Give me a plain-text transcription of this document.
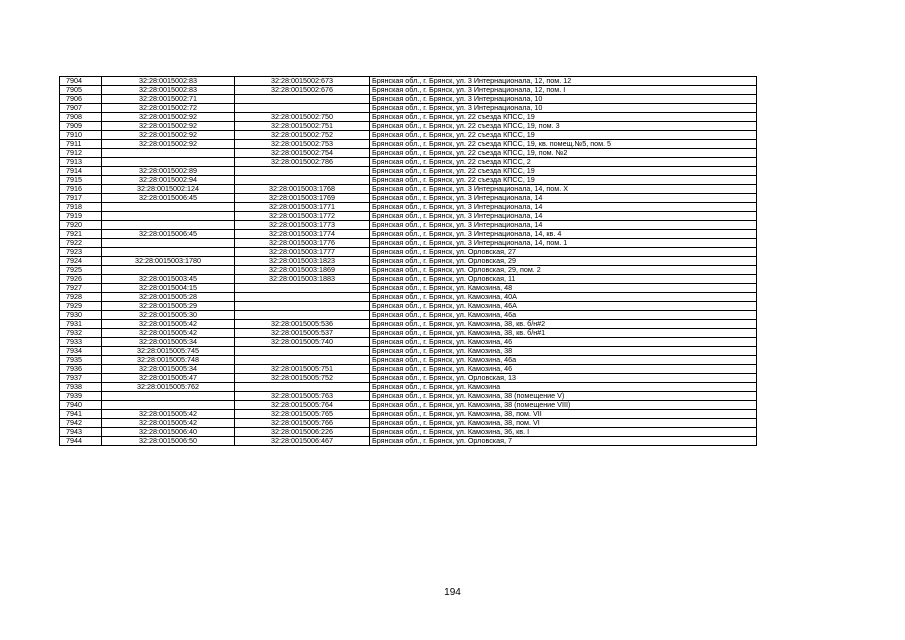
7904	32:28:0015002:83	32:28:0015002:673	Брянская обл., г. Брянск, ул. 3 Интернационала, 12, пом. 12
7905	32:28:0015002:83	32:28:0015002:676	Брянская обл., г. Брянск, ул. 3 Интернационала, 12, пом. I
7906	32:28:0015002:71		Брянская обл., г. Брянск, ул. 3 Интернационала, 10
7907	32:28:0015002:72		Брянская обл., г. Брянск, ул. 3 Интернационала, 10
7908	32:28:0015002:92	32:28:0015002:750	Брянская обл., г. Брянск, ул. 22 съезда КПСС, 19
7909	32:28:0015002:92	32:28:0015002:751	Брянская обл., г. Брянск, ул. 22 съезда КПСС, 19, пом. 3
7910	32:28:0015002:92	32:28:0015002:752	Брянская обл., г. Брянск, ул. 22 съезда КПСС, 19
7911	32:28:0015002:92	32:28:0015002:753	Брянская обл., г. Брянск, ул. 22 съезда КПСС, 19, кв. помещ.№5, пом. 5
7912		32:28:0015002:754	Брянская обл., г. Брянск, ул. 22 съезда КПСС, 19, пом. №2
7913		32:28:0015002:786	Брянская обл., г. Брянск, ул. 22 съезда КПСС, 2
7914	32:28:0015002:89		Брянская обл., г. Брянск, ул. 22 съезда КПСС, 19
7915	32:28:0015002:94		Брянская обл., г. Брянск, ул. 22 съезда КПСС, 19
7916	32:28:0015002:124	32:28:0015003:1768	Брянская обл., г. Брянск, ул. 3 Интернационала, 14, пом. X
7917	32:28:0015006:45	32:28:0015003:1769	Брянская обл., г. Брянск, ул. 3 Интернационала, 14
7918		32:28:0015003:1771	Брянская обл., г. Брянск, ул. 3 Интернационала, 14
7919		32:28:0015003:1772	Брянская обл., г. Брянск, ул. 3 Интернационала, 14
7920		32:28:0015003:1773	Брянская обл., г. Брянск, ул. 3 Интернационала, 14
7921	32:28:0015006:45	32:28:0015003:1774	Брянская обл., г. Брянск, ул. 3 Интернационала, 14, кв. 4
7922		32:28:0015003:1776	Брянская обл., г. Брянск, ул. 3 Интернационала, 14, пом. 1
7923		32:28:0015003:1777	Брянская обл., г. Брянск, ул. Орловская, 27
7924	32:28:0015003:1780	32:28:0015003:1823	Брянская обл., г. Брянск, ул. Орловская, 29
7925		32:28:0015003:1869	Брянская обл., г. Брянск, ул. Орловская, 29, пом. 2
7926	32:28:0015003:45	32:28:0015003:1883	Брянская обл., г. Брянск, ул. Орловская, 11
7927	32:28:0015004:15		Брянская обл., г. Брянск, ул. Камозина, 48
7928	32:28:0015005:28		Брянская обл., г. Брянск, ул. Камозина, 40А
7929	32:28:0015005:29		Брянская обл., г. Брянск, ул. Камозина, 46А
7930	32:28:0015005:30		Брянская обл., г. Брянск, ул. Камозина, 46а
7931	32:28:0015005:42	32:28:0015005:536	Брянская обл., г. Брянск, ул. Камозина, 38, кв. б/н#2
7932	32:28:0015005:42	32:28:0015005:537	Брянская обл., г. Брянск, ул. Камозина, 38, кв. б/н#1
7933	32:28:0015005:34	32:28:0015005:740	Брянская обл., г. Брянск, ул. Камозина, 46
7934	32:28:0015005:745		Брянская обл., г. Брянск, ул. Камозина, 38
7935	32:28:0015005:748		Брянская обл., г. Брянск, ул. Камозина, 46а
7936	32:28:0015005:34	32:28:0015005:751	Брянская обл., г. Брянск, ул. Камозина, 46
7937	32:28:0015005:47	32:28:0015005:752	Брянская обл., г. Брянск, ул. Орловская, 13
7938	32:28:0015005:762		Брянская обл., г. Брянск, ул. Камозина
7939		32:28:0015005:763	Брянская обл., г. Брянск, ул. Камозина, 38 (помещение V)
7940		32:28:0015005:764	Брянская обл., г. Брянск, ул. Камозина, 38 (помещение VIII)
7941	32:28:0015005:42	32:28:0015005:765	Брянская обл., г. Брянск, ул. Камозина, 38, пом. VII
7942	32:28:0015005:42	32:28:0015005:766	Брянская обл., г. Брянск, ул. Камозина, 38, пом. VI
7943	32:28:0015006:40	32:28:0015006:226	Брянская обл., г. Брянск, ул. Камозина, 36, кв. I
7944	32:28:0015006:50	32:28:0015006:467	Брянская обл., г. Брянск, ул. Орловская, 7
194
